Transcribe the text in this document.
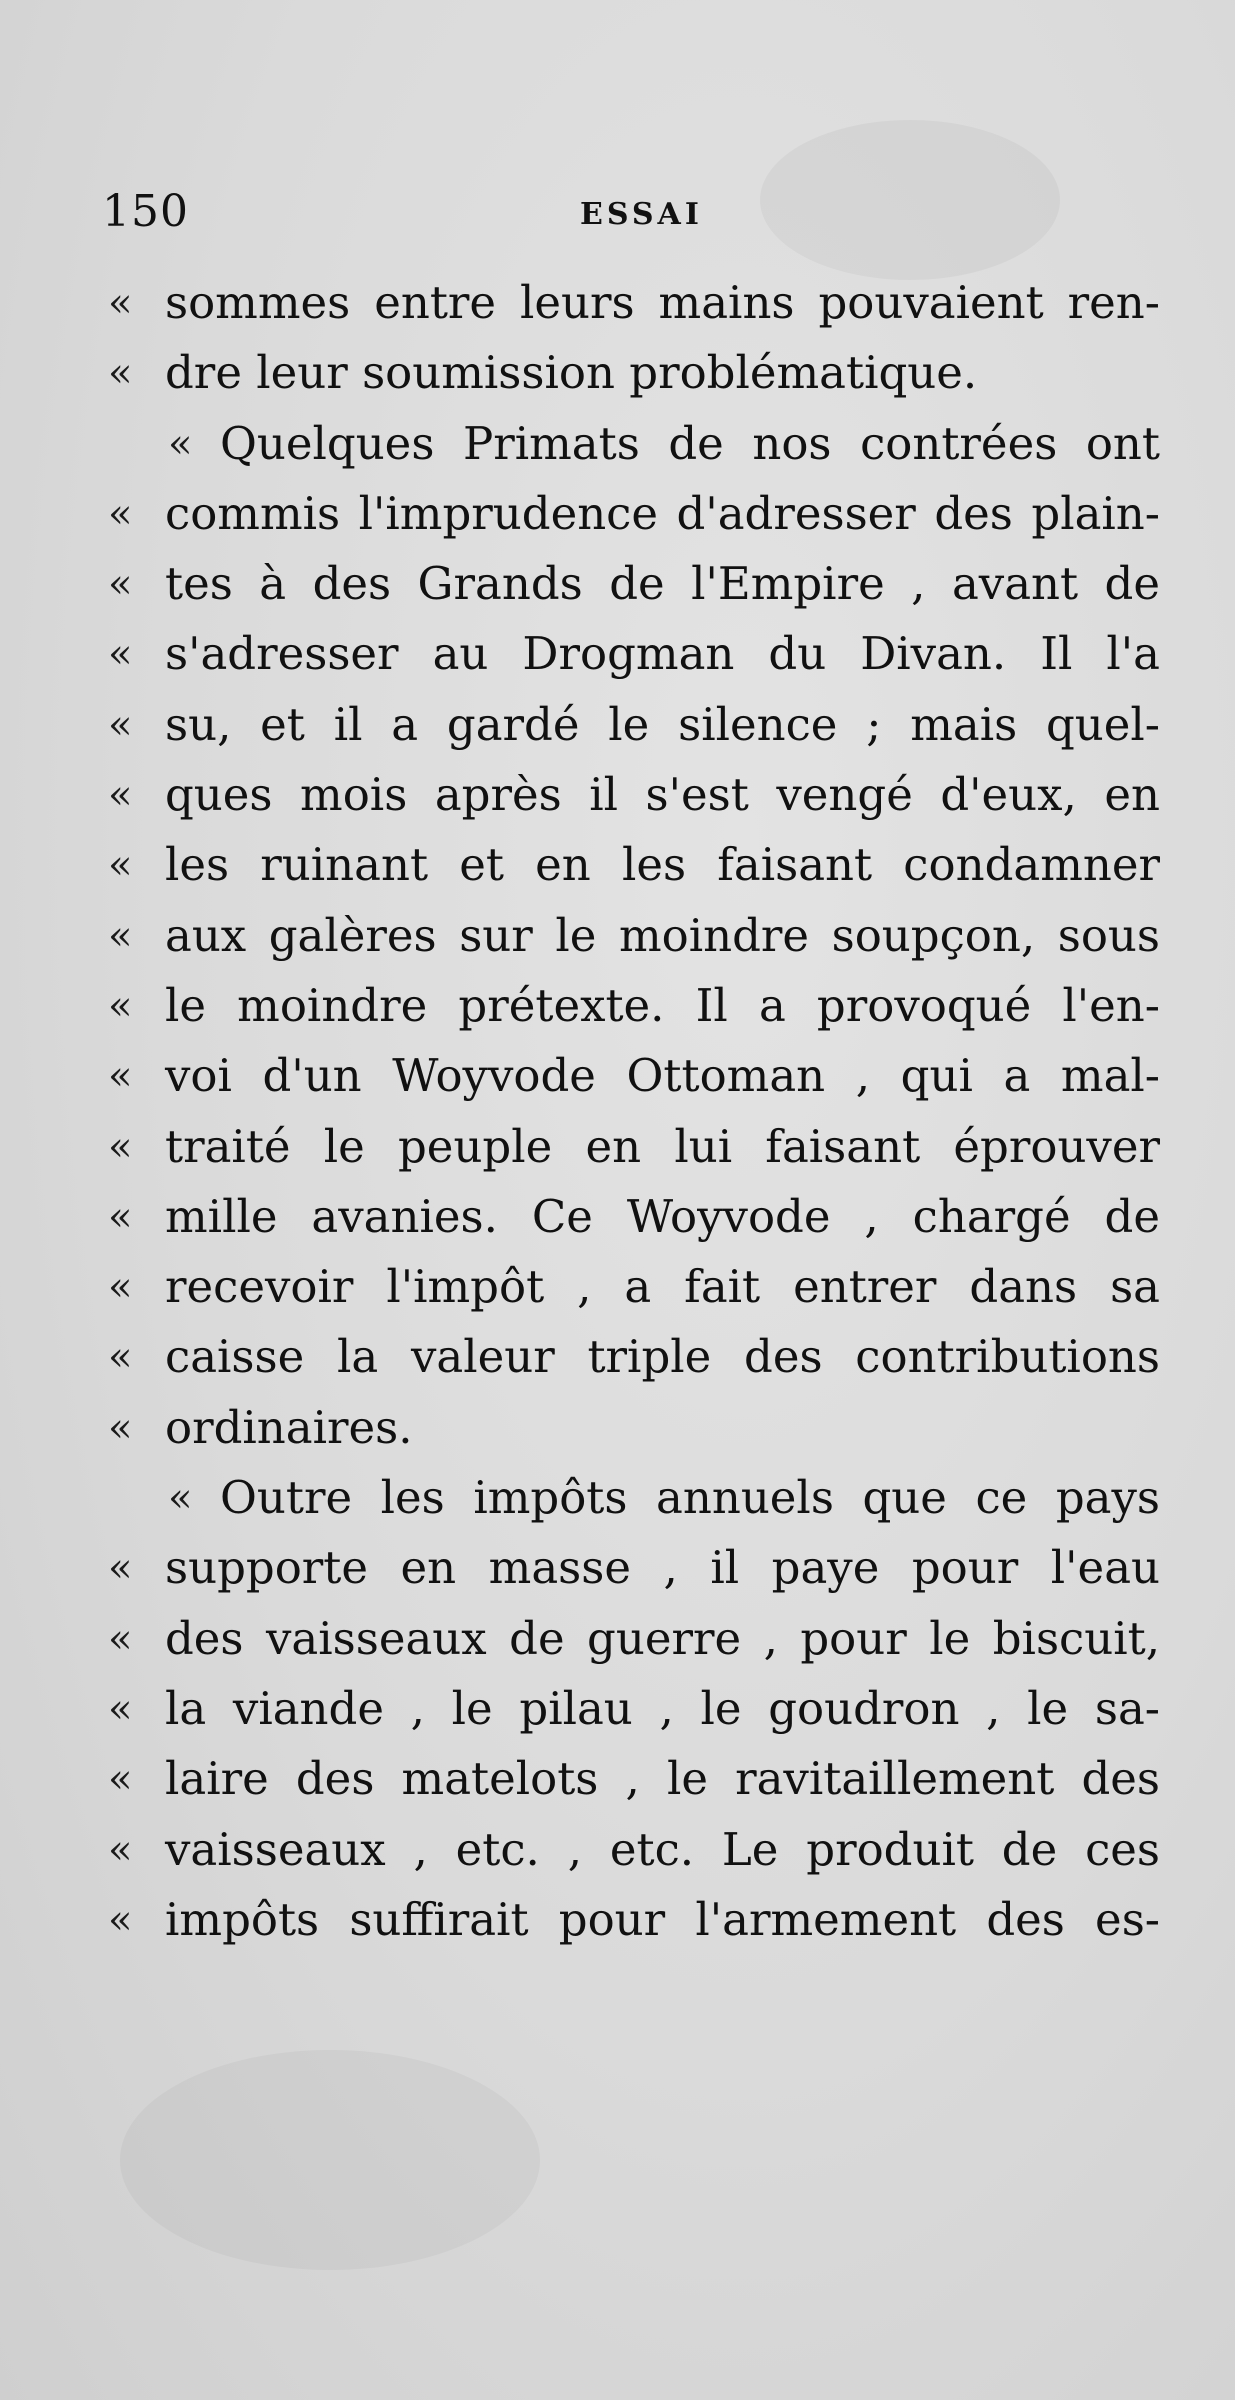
150	ESSAI
« sommes entre leurs mains pouvaient ren-
« dre leur soumission problématique.
« Quelques Primats de nos contrées ont
« commis l'imprudence d'adresser des plain-
« tes à des Grands de l'Empire , avant de
« s'adresser au Drogman du Divan. Il l'a
« su, et il a gardé le silence ; mais quel-
« ques mois après il s'est vengé d'eux, en
« les ruinant et en les faisant condamner
« aux galères sur le moindre soupçon, sous
« le moindre prétexte. Il a provoqué l'en-
« voi d'un Woyvode Ottoman , qui a mal-
« traité le peuple en lui faisant éprouver
« mille avanies. Ce Woyvode , chargé de
« recevoir l'impôt , a fait entrer dans sa
« caisse la valeur triple des contributions
« ordinaires.
« Outre les impôts annuels que ce pays
« supporte en masse , il paye pour l'eau
« des vaisseaux de guerre , pour le biscuit,
« la viande , le pilau , le goudron , le sa-
« laire des matelots , le ravitaillement des
« vaisseaux , etc. , etc. Le produit de ces
« impôts suffirait pour l'armement des es-
